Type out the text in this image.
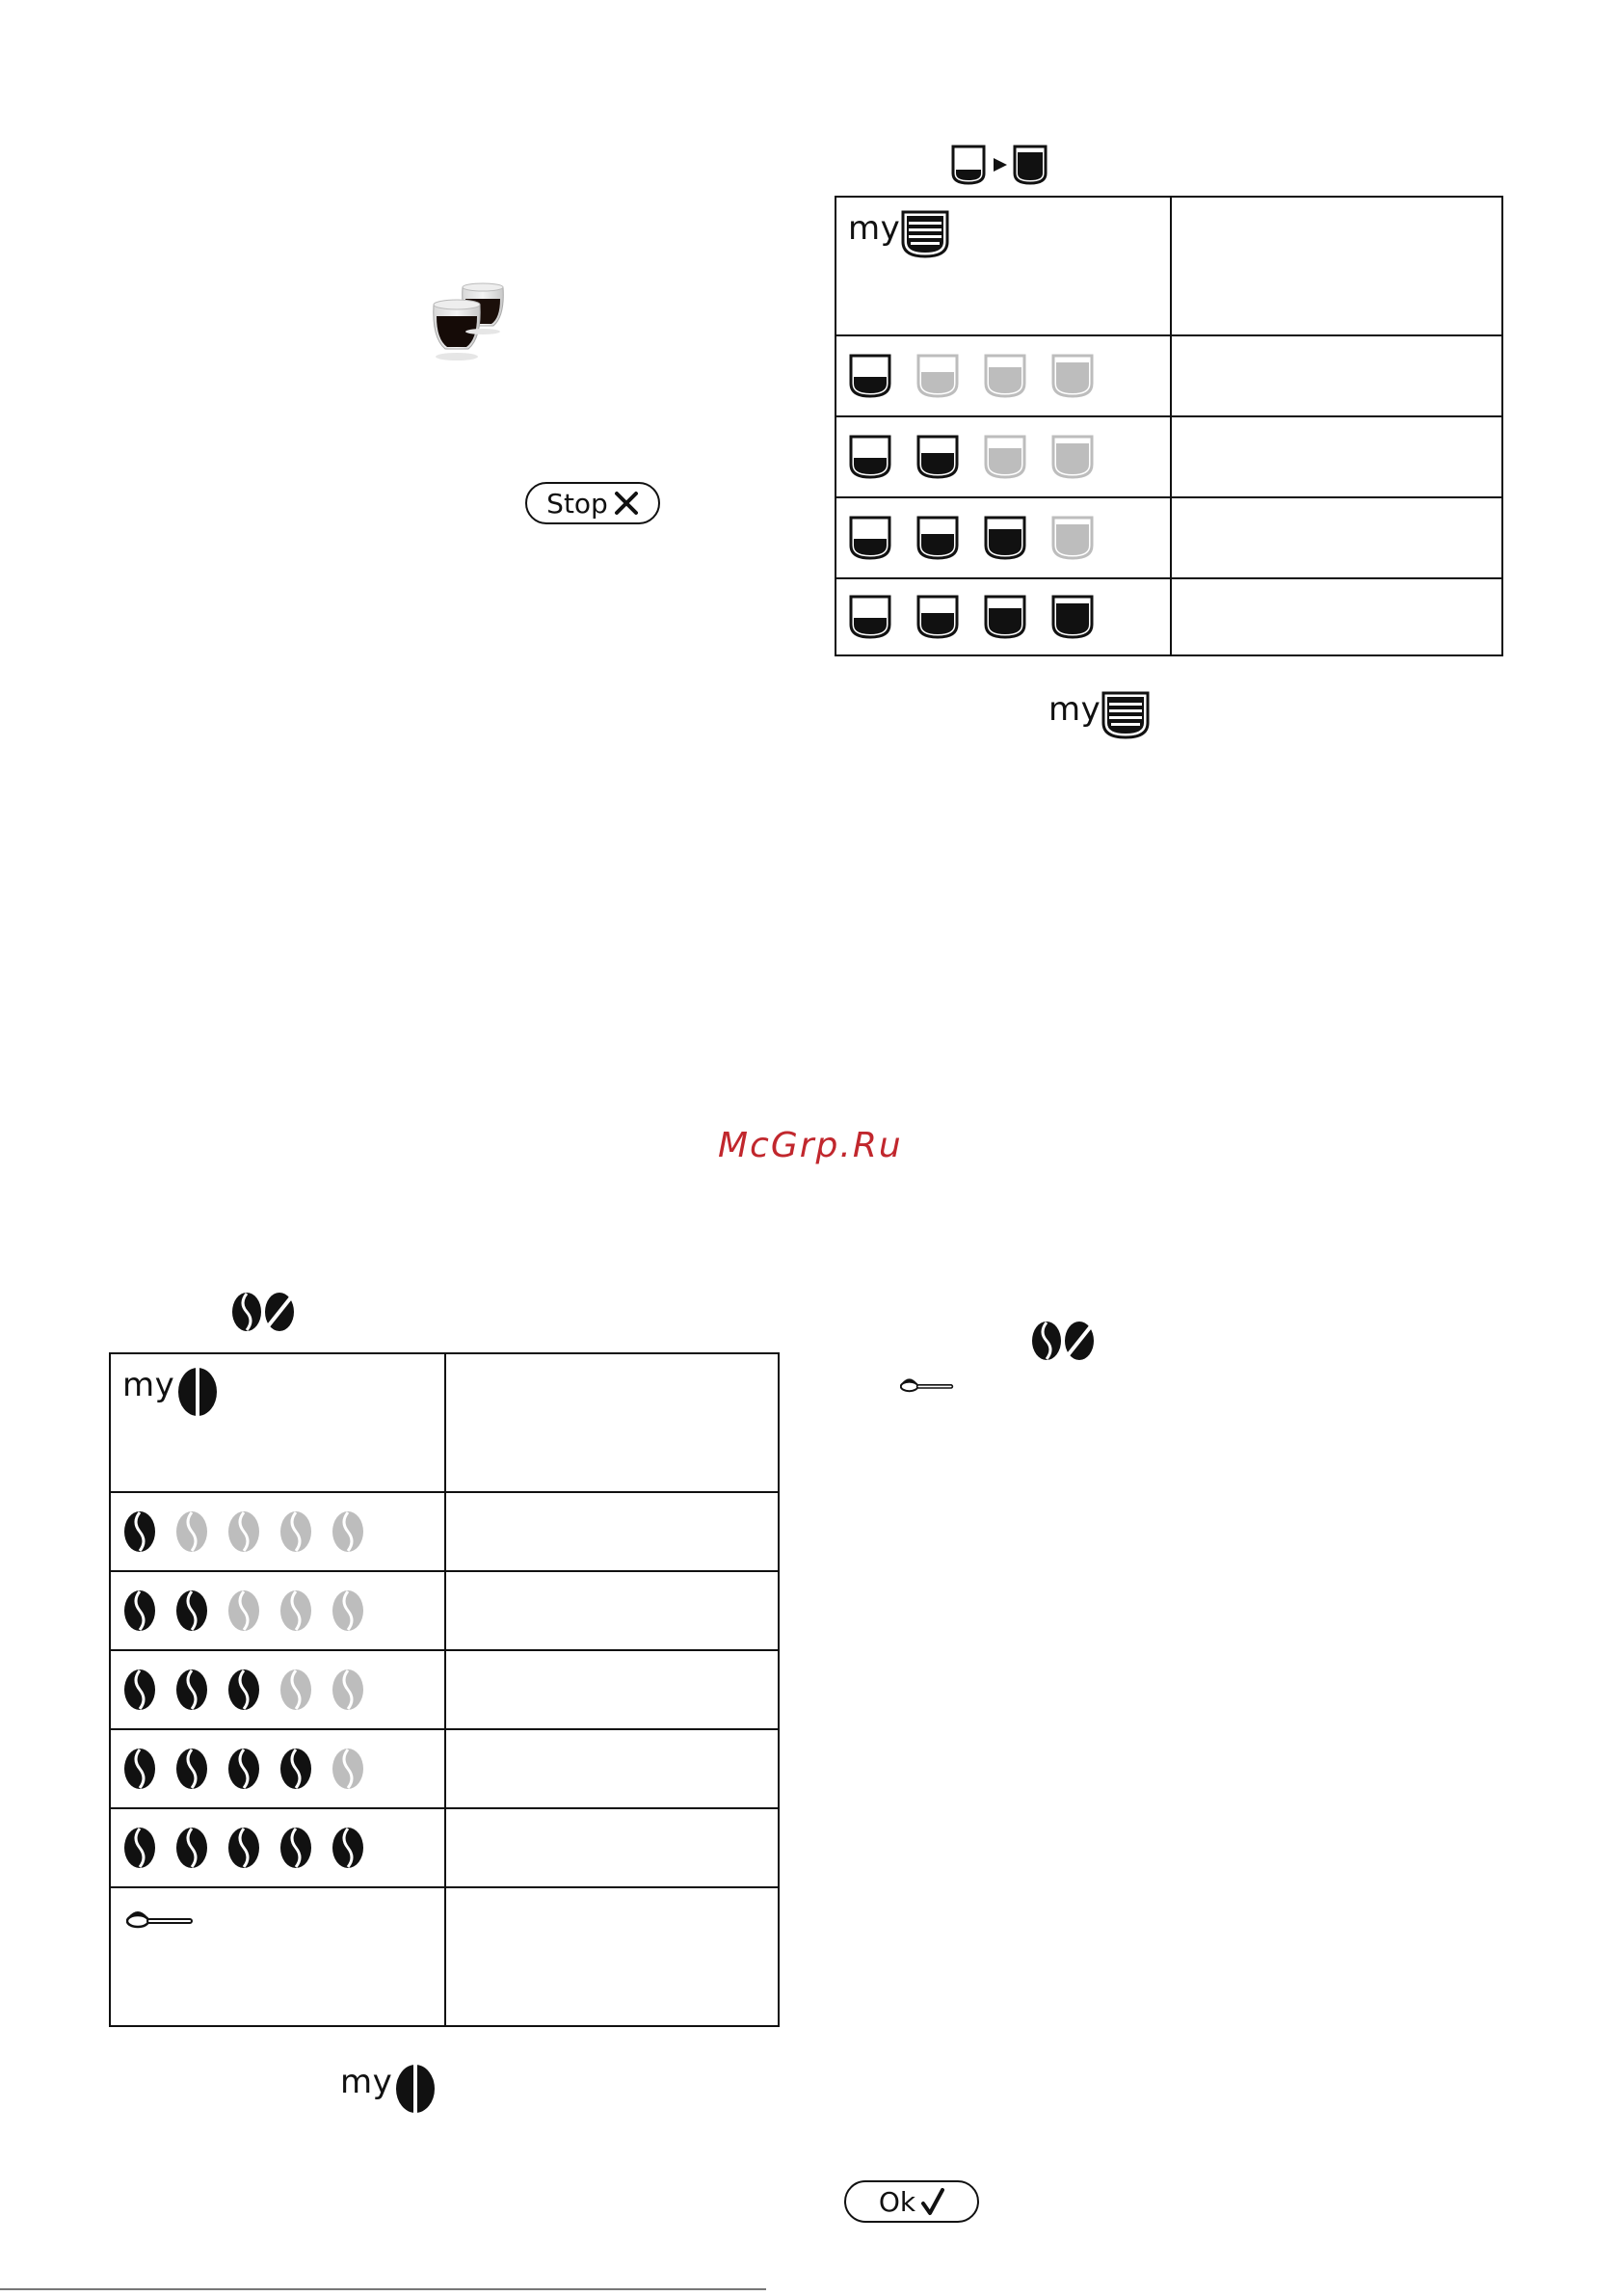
Stop
my	

my
McGrp.Ru
my	

my
Ok
